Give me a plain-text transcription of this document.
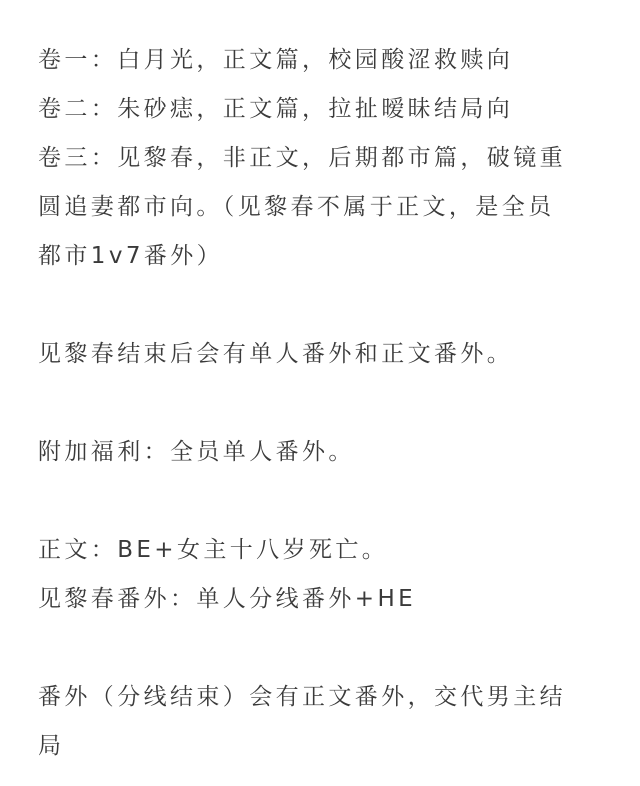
卷一：白月光，正文篇，校园酸涩救赎向
卷二：朱砂痣，正文篇，拉扯暧昧结局向
卷三：见黎春，非正文，后期都市篇，破镜重
圆追妻都市向。（见黎春不属于正文，是全员
都市1v7番外）
见黎春结束后会有单人番外和正文番外。
附加福利：全员单人番外。
正文：BE+女主十八岁死亡。
见黎春番外：单人分线番外+HE
番外（分线结束）会有正文番外，交代男主结
局
